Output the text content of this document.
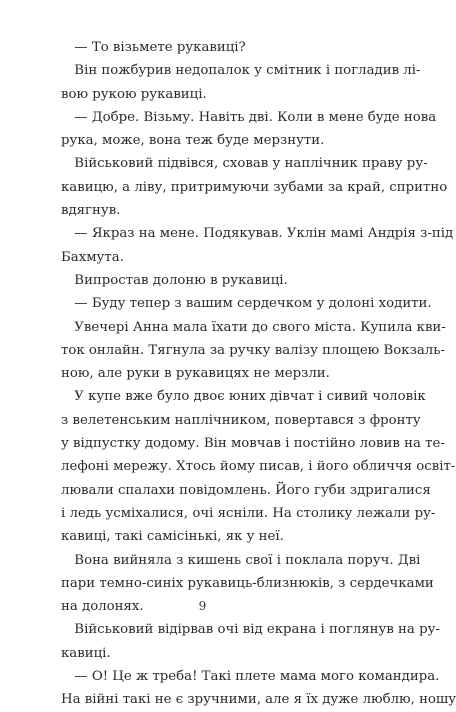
— То візьмете рукавиці?
Він пожбурив недопалок у смітник і погладив лі-
вою рукою рукавиці.
— Добре. Візьму. Навіть дві. Коли в мене буде нова
рука, може, вона теж буде мерзнути.
Військовий підвівся, сховав у наплічник праву ру-
кавицю, а ліву, притримуючи зубами за край, спритно
вдягнув.
— Якраз на мене. Подякував. Уклін мамі Андрія з-під
Бахмута.
Випростав долоню в рукавиці.
— Буду тепер з вашим сердечком у долоні ходити.
Увечері Анна мала їхати до свого міста. Купила кви-
ток онлайн. Тягнула за ручку валізу площею Вокзаль-
ною, але руки в рукавицях не мерзли.
У купе вже було двоє юних дівчат і сивий чоловік
з велетенським наплічником, повертався з фронту
у відпустку додому. Він мовчав і постійно ловив на те-
лефоні мережу. Хтось йому писав, і його обличчя освіт-
лювали спалахи повідомлень. Його губи здригалися
і ледь усміхалися, очі ясніли. На столику лежали ру-
кавиці, такі самісінькі, як у неї.
Вона вийняла з кишень свої і поклала поруч. Дві
пари темно-синіх рукавиць-близнюків, з сердечками
на долонях.
Військовий відірвав очі від екрана і поглянув на ру-
кавиці.
— О! Це ж треба! Такі плете мама мого командира.
На війні такі не є зручними, але я їх дуже люблю, ношу
9
